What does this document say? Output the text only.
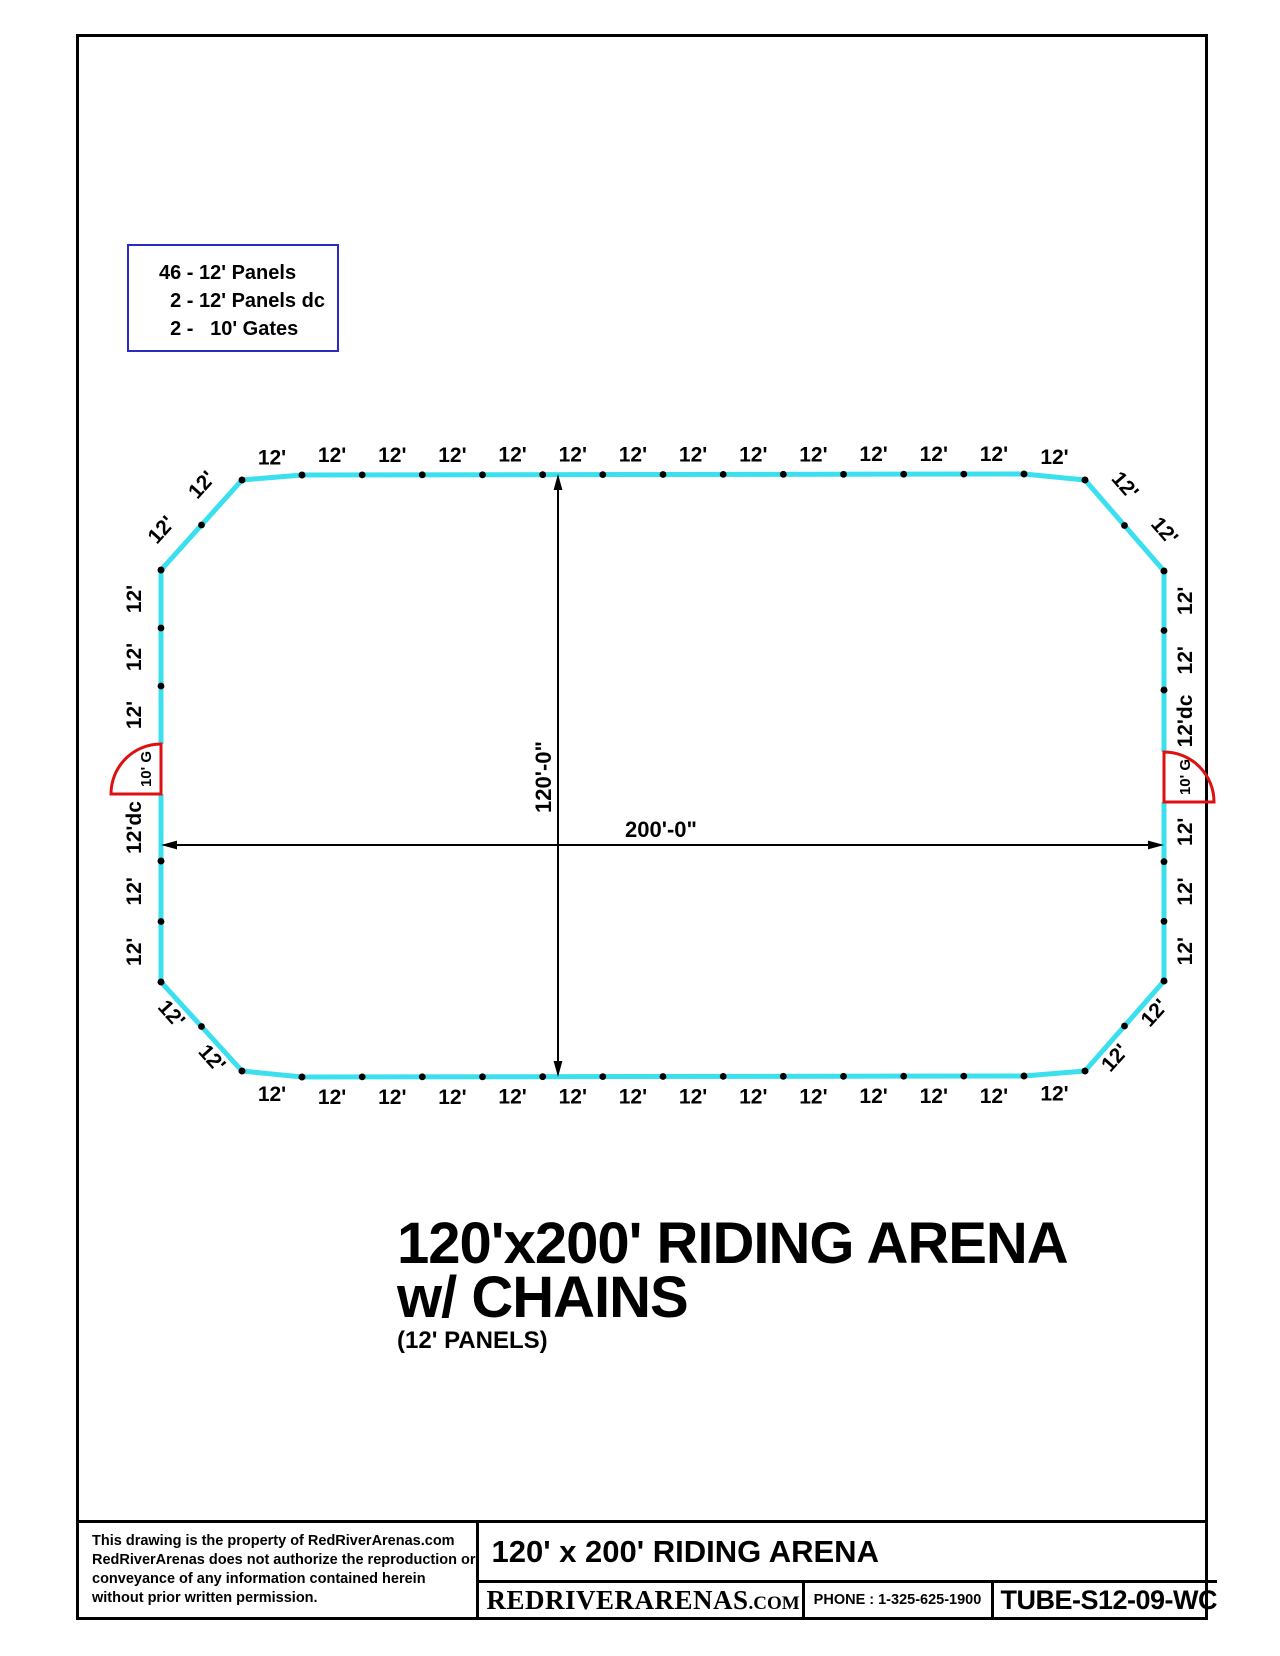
This drawing is the property of RedRiverArenas.com
RedRiverArenas does not authorize the reproduction or
conveyance of any information contained herein
without prior written permission.
120' x 200' RIDING ARENA
REDRIVERARENAS .COM PHONE : 1-325-625-1900 TUBE-S12-09-WC
46 - 12' Panels
2 - 12' Panels dc
2 -   10' Gates
200'-0"
120'-0"
10' G	10' G
12'
12'
12' 12' 12' 12' 12' 12' 12' 12' 12' 12' 12' 12' 12' 12'
12'
12'
12'
12'
12'dc
12'
12'
12'
12'
12'
12'
12'
12'
12'
12'
12'
12'
12'
12'
12'
12'
12'
12'
12'
12'
12'
12'
12'
12'dc
12'
12'
12'
120'x200' RIDING ARENA
w/ CHAINS
(12' PANELS)
